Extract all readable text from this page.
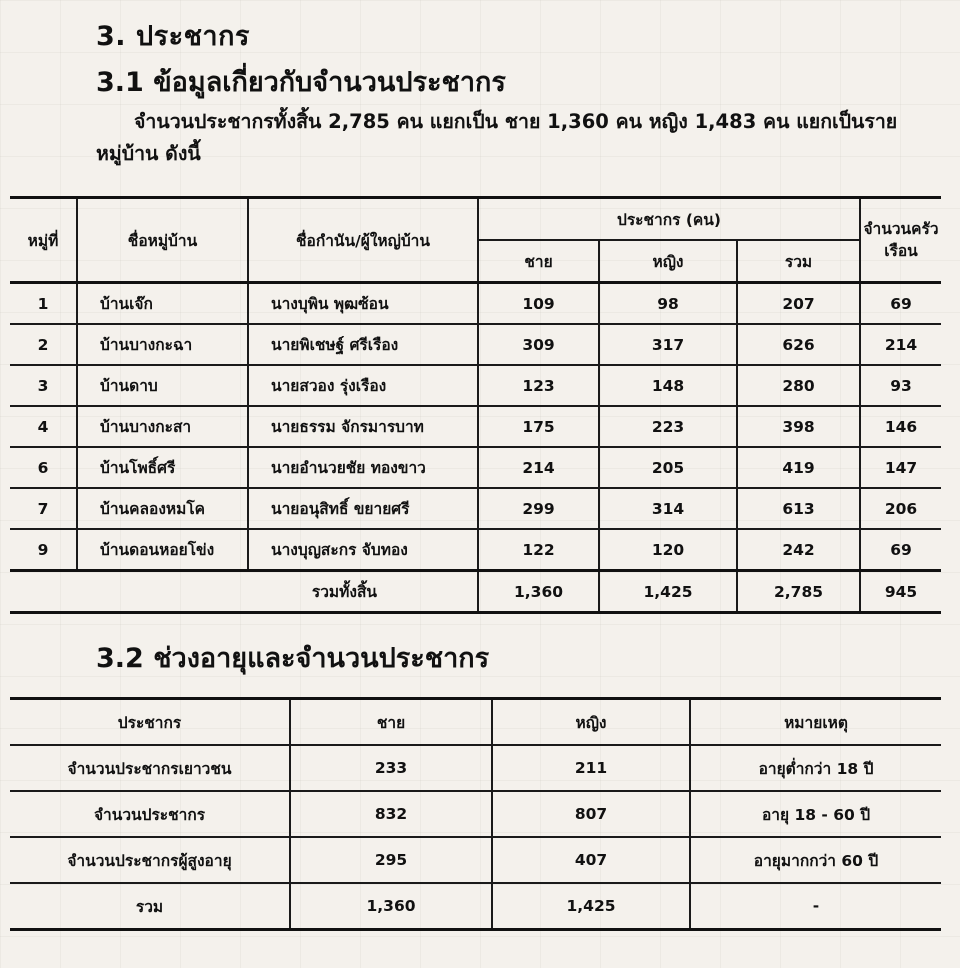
3. ประชากร
3.1 ข้อมูลเกี่ยวกับจำนวนประชากร
จำนวนประชากรทั้งสิ้น 2,785 คน แยกเป็น ชาย 1,360 คน หญิง 1,483 คน แยกเป็นรายหมู่บ้าน ดังนี้
หมู่ที่	ชื่อหมู่บ้าน	ชื่อกำนัน/ผู้ใหญ่บ้าน	ประชากร (คน)			จำนวนครัวเรือน
			ชาย	หญิง	รวม	
1	บ้านเจ๊ก	นางบุพิน พุฒซ้อน	109	98	207	69
2	บ้านบางกะฉา	นายพิเชษฐ์ ศรีเรือง	309	317	626	214
3	บ้านดาบ	นายสวอง รุ่งเรือง	123	148	280	93
4	บ้านบางกะสา	นายธรรม จักรมารบาท	175	223	398	146
6	บ้านโพธิ์ศรี	นายอำนวยชัย ทองขาว	214	205	419	147
7	บ้านคลองหมโค	นายอนุสิทธิ์ ขยายศรี	299	314	613	206
9	บ้านดอนหอยโข่ง	นางบุญสะกร จับทอง	122	120	242	69
รวมทั้งสิ้น			1,360	1,425	2,785	945
3.2 ช่วงอายุและจำนวนประชากร
ประชากร	ชาย	หญิง	หมายเหตุ
จำนวนประชากรเยาวชน	233	211	อายุต่ำกว่า 18 ปี
จำนวนประชากร	832	807	อายุ 18 - 60 ปี
จำนวนประชากรผู้สูงอายุ	295	407	อายุมากกว่า 60 ปี
รวม	1,360	1,425	-
